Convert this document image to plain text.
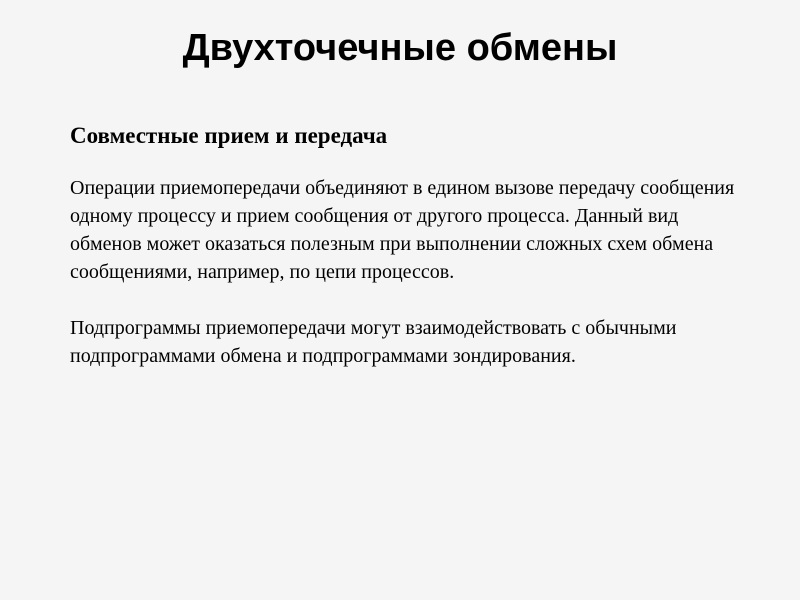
Двухточечные обмены
Совместные прием и передача

Операции приемопередачи объединяют в едином вызове передачу сообщения одному процессу и прием сообщения от другого процесса. Данный вид обменов может оказаться полезным при выполнении сложных схем обмена сообщениями, например, по цепи процессов.

Подпрограммы приемопередачи могут взаимодействовать с обычными подпрограммами обмена и подпрограммами зондирования.
